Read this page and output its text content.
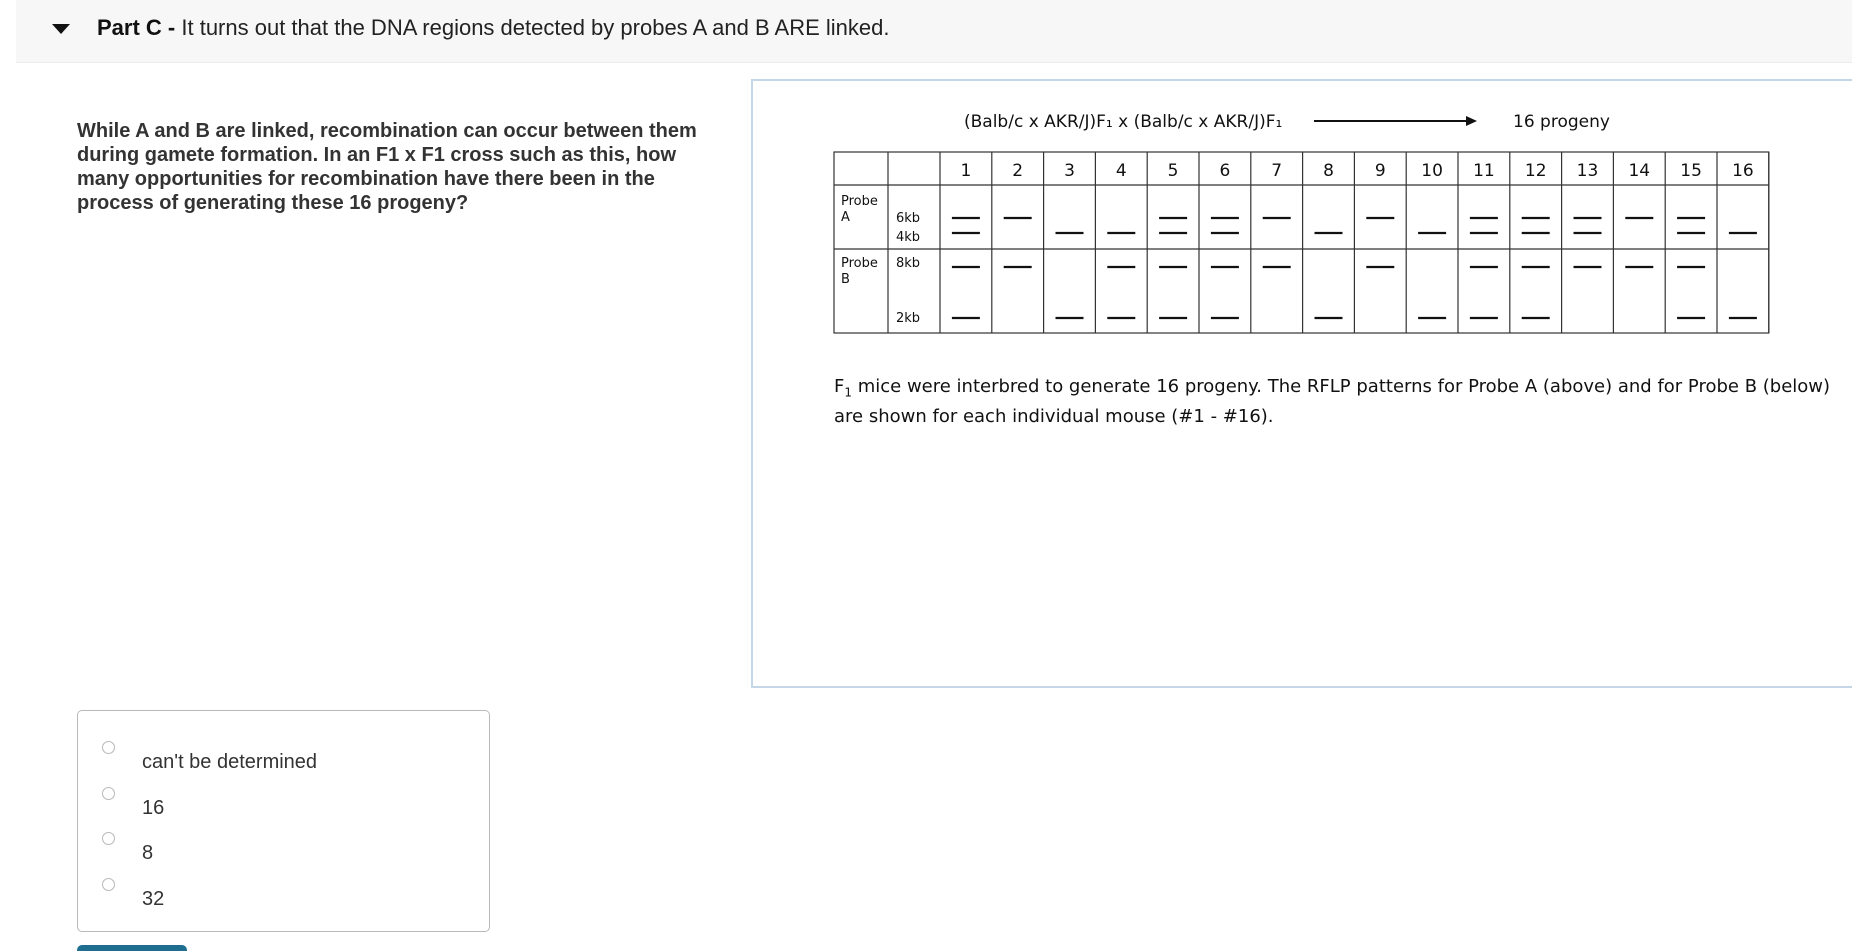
Part C - It turns out that the DNA regions detected by probes A and B ARE linked.
While A and B are linked, recombination can occur between them during gamete formation. In an F1 x F1 cross such as this, how many opportunities for recombination have there been in the process of generating these 16 progeny?
(Balb/c x AKR/J)F₁ x (Balb/c x AKR/J)F₁	16 progeny
Probe
A
Probe
B
6kb
4kb
8kb
2kb
1 2 3 4 5 6 7 8 9 10 11 12 13 14 15 16
$F_1$ mice were interbred to generate 16 progeny. The RFLP patterns for Probe A (above) and for Probe B (below) are shown for each individual mouse (#1 - #16).
can't be determined
16
8
32
